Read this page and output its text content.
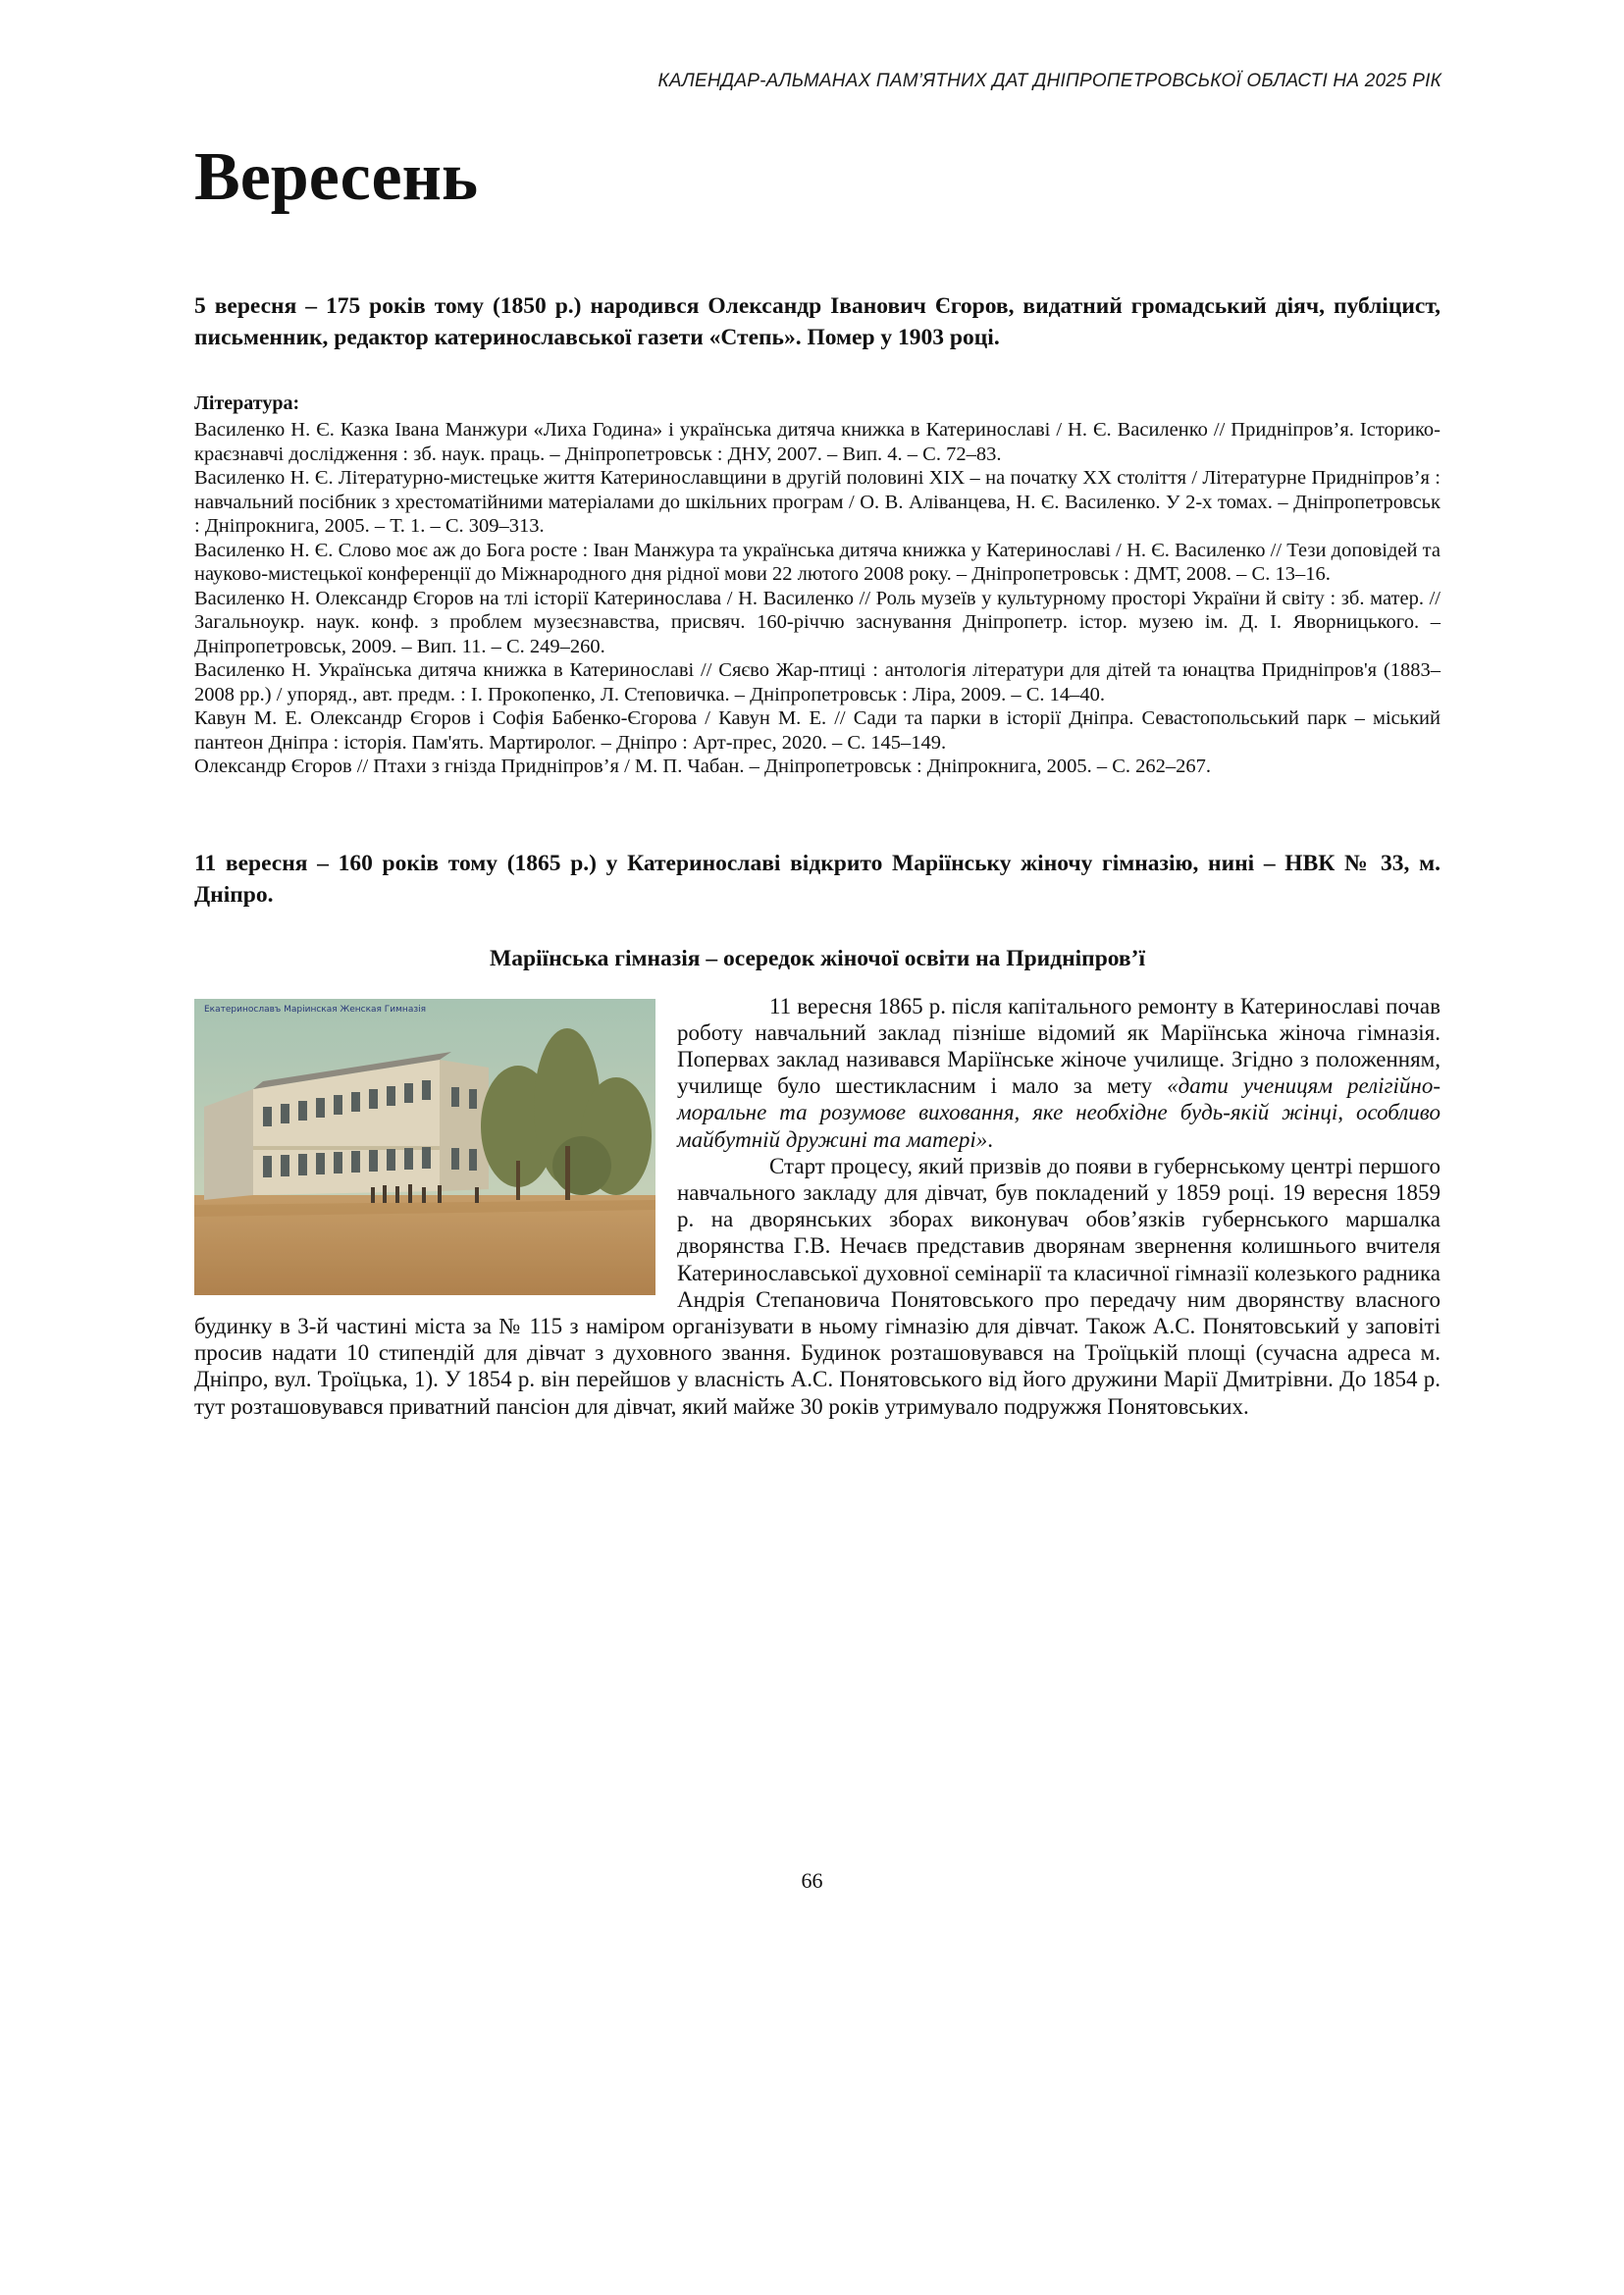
КАЛЕНДАР-АЛЬМАНАХ ПАМ’ЯТНИХ ДАТ ДНІПРОПЕТРОВСЬКОЇ ОБЛАСТІ НА 2025 РІК
Вересень

5 вересня – 175 років тому (1850 р.) народився Олександр Іванович Єгоров, видатний громадський діяч, публіцист, письменник, редактор катеринославської газети «Степь». Помер у 1903 році.

Література:
Василенко Н. Є. Казка Івана Манжури «Лиха Година» і українська дитяча книжка в Катеринославі / Н. Є. Василенко // Придніпров’я. Історико-краєзнавчі дослідження : зб. наук. праць. – Дніпропетровськ : ДНУ, 2007. – Вип. 4. – С. 72–83.
Василенко Н. Є. Літературно-мистецьке життя Катеринославщини в другій половині ХІХ – на початку ХХ століття / Літературне Придніпров’я : навчальний посібник з хрестоматійними матеріалами до шкільних програм / О. В. Аліванцева, Н. Є. Василенко. У 2-х томах. – Дніпропетровськ : Дніпрокнига, 2005. – Т. 1. – С. 309–313.
Василенко Н. Є. Слово моє аж до Бога росте : Іван Манжура та українська дитяча книжка у Катеринославі / Н. Є. Василенко // Тези доповідей та науково-мистецької конференції до Міжнародного дня рідної мови 22 лютого 2008 року. – Дніпропетровськ : ДМТ, 2008. – С. 13–16.
Василенко Н. Олександр Єгоров на тлі історії Катеринослава / Н. Василенко // Роль музеїв у культурному просторі України й світу : зб. матер. // Загальноукр. наук. конф. з проблем музеєзнавства, присвяч. 160-річчю заснування Дніпропетр. істор. музею ім. Д. І. Яворницького. – Дніпропетровськ, 2009. – Вип. 11. – С. 249–260.
Василенко Н. Українська дитяча книжка в Катеринославі // Сяєво Жар-птиці : антологія літератури для дітей та юнацтва Придніпров'я (1883–2008 рр.) / упоряд., авт. предм. : І. Прокопенко, Л. Степовичка. – Дніпропетровськ : Ліра, 2009. – С. 14–40.
Кавун М. Е. Олександр Єгоров і Софія Бабенко-Єгорова / Кавун М. Е. // Сади та парки в історії Дніпра. Севастопольський парк – міський пантеон Дніпра : історія. Пам'ять. Мартиролог. – Дніпро : Арт-прес, 2020. – С. 145–149.
Олександр Єгоров // Птахи з гнізда Придніпров’я / М. П. Чабан. – Дніпропетровськ : Дніпрокнига, 2005. – С. 262–267.

11 вересня – 160 років тому (1865 р.) у Катеринославі відкрито Маріїнську жіночу гімназію, нині – НВК № 33, м. Дніпро.

Маріїнська гімназія – осередок жіночої освіти на Придніпров’ї
Екатеринославъ Маріинская Женская Гимназія	11 вересня 1865 р. після капітального ремонту в Катеринославі почав роботу навчальний заклад пізніше відомий як Маріїнська жіноча гімназія. Попервах заклад називався Маріїнське жіноче училище. Згідно з положенням, училище було шестикласним і мало за мету «дати ученицям релігійно-моральне та розумове виховання, яке необхідне будь-якій жінці, особливо майбутній дружині та матері».

Старт процесу, який призвів до появи в губернському центрі першого навчального закладу для дівчат, був покладений у 1859 році. 19 вересня 1859 р. на дворянських зборах виконувач обов’язків губернського маршалка дворянства Г.В. Нечаєв представив дворянам звернення колишнього вчителя Катеринославської духовної семінарії та класичної гімназії колезького радника Андрія Степановича Понятовського про передачу ним дворянству власного будинку в 3-й частині міста за № 115 з наміром організувати в ньому гімназію для дівчат. Також А.С. Понятовський у заповіті просив надати 10 стипендій для дівчат з духовного звання. Будинок розташовувався на Троїцькій площі (сучасна адреса м. Дніпро, вул. Троїцька, 1). У 1854 р. він перейшов у власність А.С. Понятовського від його дружини Марії Дмитрівни. До 1854 р. тут розташовувався приватний пансіон для дівчат, який майже 30 років утримувало подружжя Понятовських.

66
